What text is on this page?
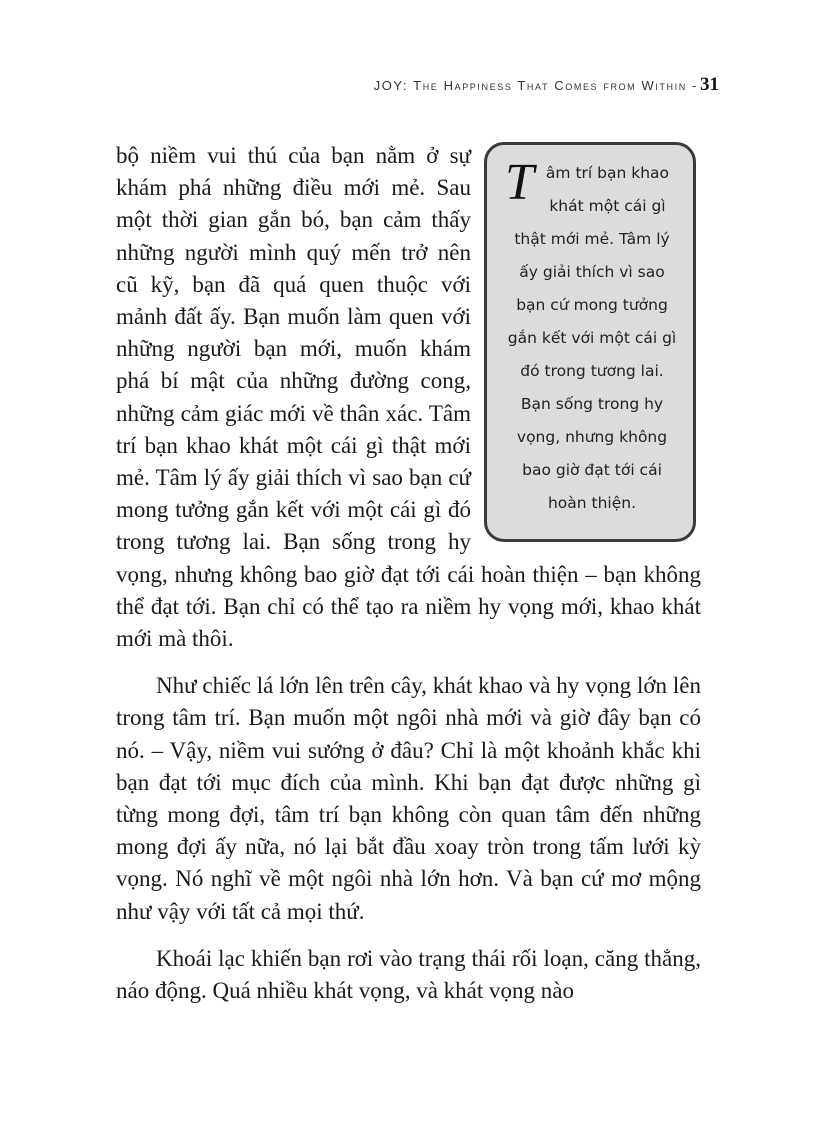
JOY: The Happiness That Comes from Within - 31
T âm trí bạn khao khát một cái gì thật mới mẻ. Tâm lý ấy giải thích vì sao bạn cứ mong tưởng gắn kết với một cái gì đó trong tương lai. Bạn sống trong hy vọng, nhưng không bao giờ đạt tới cái hoàn thiện.

bộ niềm vui thú của bạn nằm ở sự khám phá những điều mới mẻ. Sau một thời gian gắn bó, bạn cảm thấy những người mình quý mến trở nên cũ kỹ, bạn đã quá quen thuộc với mảnh đất ấy. Bạn muốn làm quen với những người bạn mới, muốn khám phá bí mật của những đường cong, những cảm giác mới về thân xác. Tâm trí bạn khao khát một cái gì thật mới mẻ. Tâm lý ấy giải thích vì sao bạn cứ mong tưởng gắn kết với một cái gì đó trong tương lai. Bạn sống trong hy vọng, nhưng không bao giờ đạt tới cái hoàn thiện – bạn không thể đạt tới. Bạn chỉ có thể tạo ra niềm hy vọng mới, khao khát mới mà thôi.

Như chiếc lá lớn lên trên cây, khát khao và hy vọng lớn lên trong tâm trí. Bạn muốn một ngôi nhà mới và giờ đây bạn có nó. – Vậy, niềm vui sướng ở đâu? Chỉ là một khoảnh khắc khi bạn đạt tới mục đích của mình. Khi bạn đạt được những gì từng mong đợi, tâm trí bạn không còn quan tâm đến những mong đợi ấy nữa, nó lại bắt đầu xoay tròn trong tấm lưới kỳ vọng. Nó nghĩ về một ngôi nhà lớn hơn. Và bạn cứ mơ mộng như vậy với tất cả mọi thứ.

Khoái lạc khiến bạn rơi vào trạng thái rối loạn, căng thẳng, náo động. Quá nhiều khát vọng, và khát vọng nào
